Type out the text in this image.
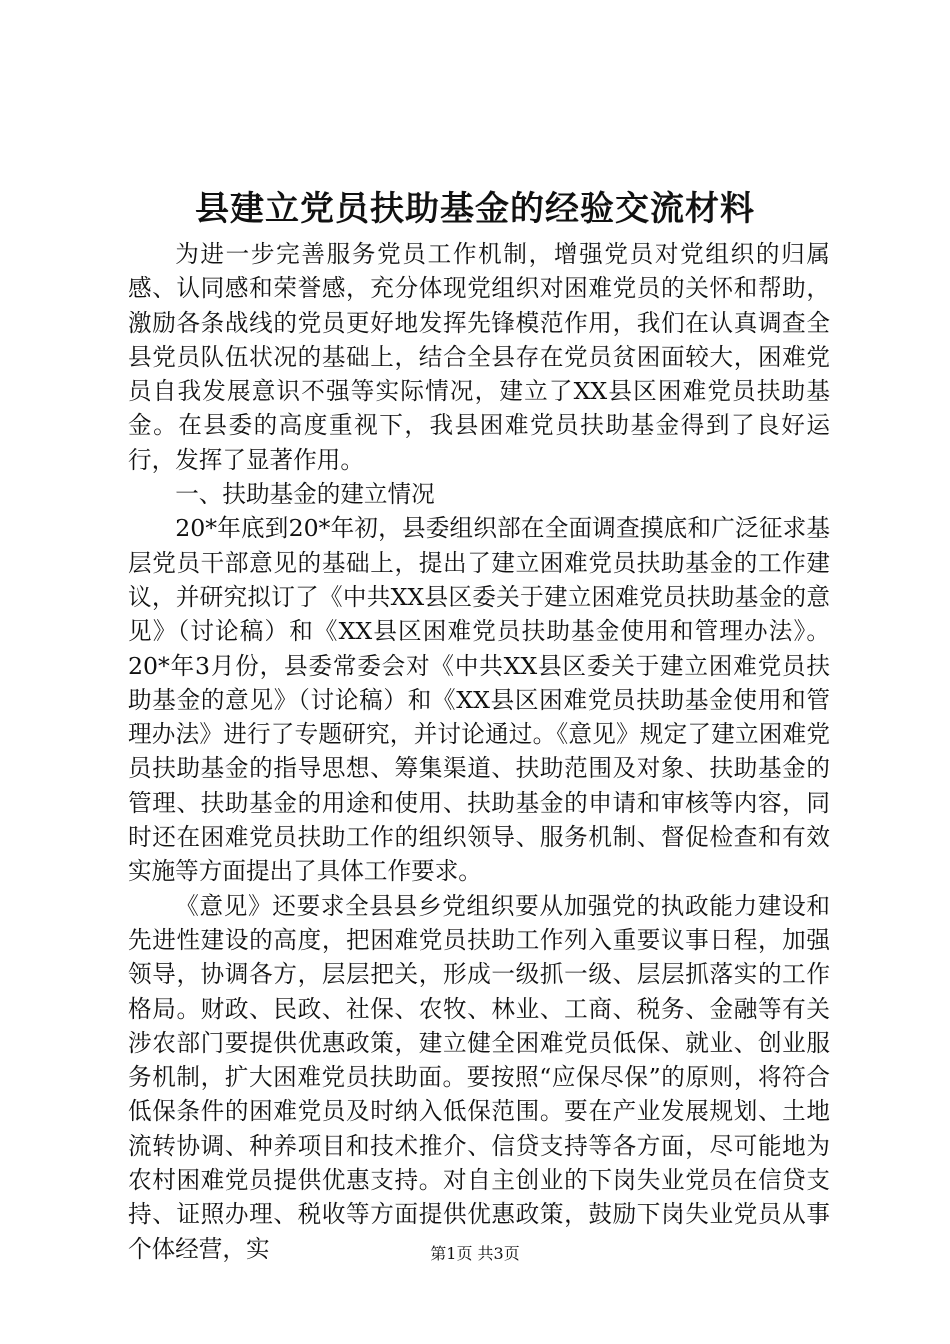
县建立党员扶助基金的经验交流材料

为进一步完善服务党员工作机制，增强党员对党组织的归属感、认同感和荣誉感，充分体现党组织对困难党员的关怀和帮助，激励各条战线的党员更好地发挥先锋模范作用，我们在认真调查全县党员队伍状况的基础上，结合全县存在党员贫困面较大，困难党员自我发展意识不强等实际情况，建立了XX县区困难党员扶助基金。在县委的高度重视下，我县困难党员扶助基金得到了良好运行，发挥了显著作用。

一、扶助基金的建立情况

20*年底到20*年初，县委组织部在全面调查摸底和广泛征求基层党员干部意见的基础上，提出了建立困难党员扶助基金的工作建议，并研究拟订了《中共XX县区委关于建立困难党员扶助基金的意见》（讨论稿）和《XX县区困难党员扶助基金使用和管理办法》。20*年3月份，县委常委会对《中共XX县区委关于建立困难党员扶助基金的意见》（讨论稿）和《XX县区困难党员扶助基金使用和管理办法》进行了专题研究，并讨论通过。《意见》规定了建立困难党员扶助基金的指导思想、筹集渠道、扶助范围及对象、扶助基金的管理、扶助基金的用途和使用、扶助基金的申请和审核等内容，同时还在困难党员扶助工作的组织领导、服务机制、督促检查和有效实施等方面提出了具体工作要求。

《意见》还要求全县县乡党组织要从加强党的执政能力建设和先进性建设的高度，把困难党员扶助工作列入重要议事日程，加强领导，协调各方，层层把关，形成一级抓一级、层层抓落实的工作格局。财政、民政、社保、农牧、林业、工商、税务、金融等有关涉农部门要提供优惠政策，建立健全困难党员低保、就业、创业服务机制，扩大困难党员扶助面。要按照“应保尽保”的原则，将符合低保条件的困难党员及时纳入低保范围。要在产业发展规划、土地流转协调、种养项目和技术推介、信贷支持等各方面，尽可能地为农村困难党员提供优惠支持。对自主创业的下岗失业党员在信贷支持、证照办理、税收等方面提供优惠政策，鼓励下岗失业党员从事个体经营，实	第1页 共3页
